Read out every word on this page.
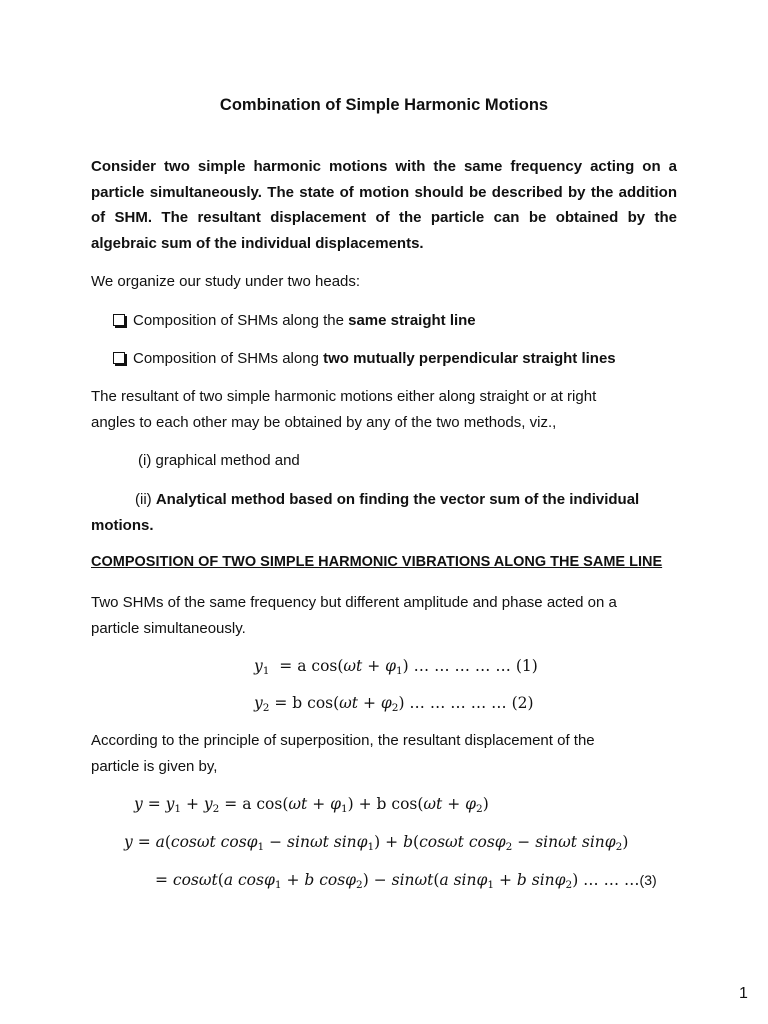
Combination of Simple Harmonic Motions
Consider two simple harmonic motions with the same frequency acting on a
particle simultaneously. The state of motion should be described by the addition
of SHM. The resultant displacement of the particle can be obtained by the
algebraic sum of the individual displacements.
We organize our study under two heads:
Composition of SHMs along the same straight line
Composition of SHMs along two mutually perpendicular straight lines
The resultant of two simple harmonic motions either along straight or at right
angles to each other may be obtained by any of the two methods, viz.,
(i) graphical method and
(ii) Analytical method based on finding the vector sum of the individual
motions.
COMPOSITION OF TWO SIMPLE HARMONIC VIBRATIONS ALONG THE SAME LINE
Two SHMs of the same frequency but different amplitude and phase acted on a
particle simultaneously.
$y_1 = a$ $\cos(\omega t + \varphi_1)$ … … … … … (1)
$y_2 = b$ $\cos(\omega t + \varphi_2)$ … … … … … (2)
According to the principle of superposition, the resultant displacement of the
particle is given by,
$y = y_1 + y_2 = a$ $\cos(\omega t + \varphi_1) + b$ $\cos(\omega t + \varphi_2)$
y = a(cosωt cosφ$_1$ − sinωt sinφ$_1$) + b(cosωt cosφ$_2$ − sinωt sinφ$_2$)
= cosωt(a cosφ$_1$ + b cosφ$_2$) − sinωt(a sinφ$_1$ + b sinφ$_2$) … … …(3)
1
